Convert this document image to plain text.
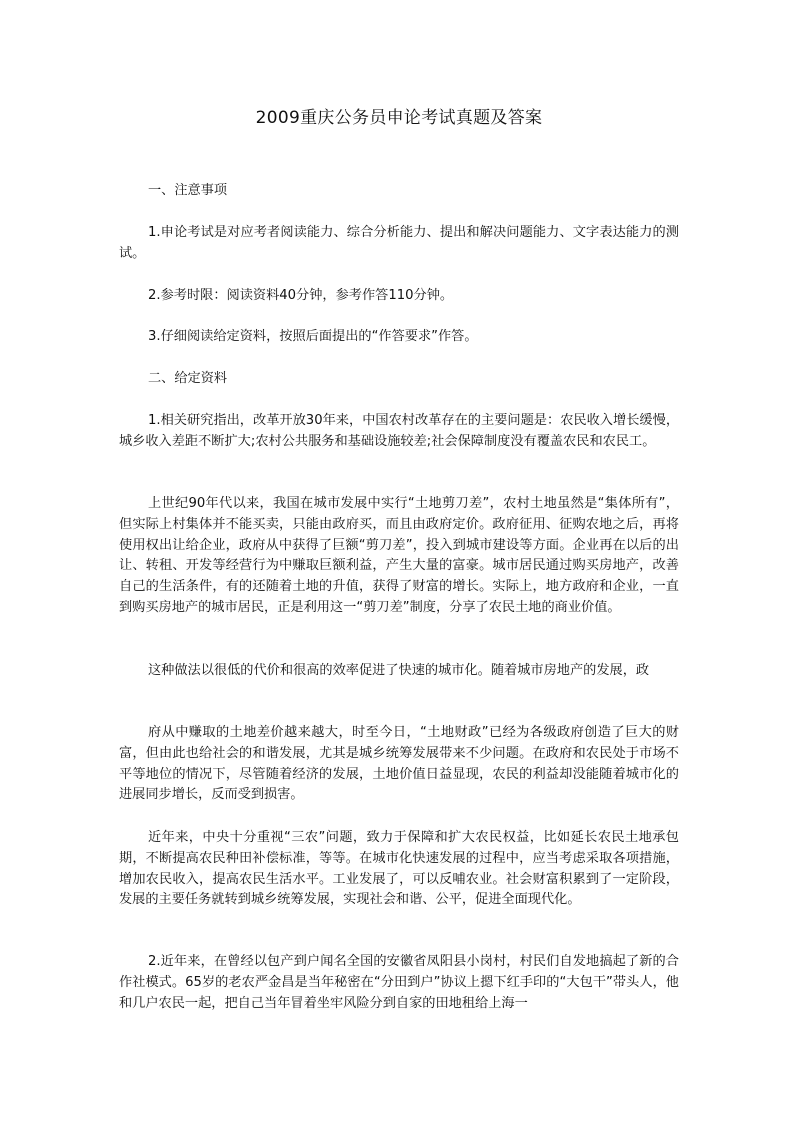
2009重庆公务员申论考试真题及答案

一、注意事项

1.申论考试是对应考者阅读能力、综合分析能力、提出和解决问题能力、文字表达能力的测试。

2.参考时限：阅读资料40分钟，参考作答110分钟。

3.仔细阅读给定资料，按照后面提出的“作答要求”作答。

二、给定资料

1.相关研究指出，改革开放30年来，中国农村改革存在的主要问题是：农民收入增长缓慢，城乡收入差距不断扩大;农村公共服务和基础设施较差;社会保障制度没有覆盖农民和农民工。

上世纪90年代以来，我国在城市发展中实行“土地剪刀差”，农村土地虽然是“集体所有”，但实际上村集体并不能买卖，只能由政府买，而且由政府定价。政府征用、征购农地之后，再将使用权出让给企业，政府从中获得了巨额“剪刀差”，投入到城市建设等方面。企业再在以后的出让、转租、开发等经营行为中赚取巨额利益，产生大量的富豪。城市居民通过购买房地产，改善自己的生活条件，有的还随着土地的升值，获得了财富的增长。实际上，地方政府和企业，一直到购买房地产的城市居民，正是利用这一“剪刀差”制度，分享了农民土地的商业价值。

这种做法以很低的代价和很高的效率促进了快速的城市化。随着城市房地产的发展，政

府从中赚取的土地差价越来越大，时至今日，“土地财政”已经为各级政府创造了巨大的财富，但由此也给社会的和谐发展，尤其是城乡统筹发展带来不少问题。在政府和农民处于市场不平等地位的情况下，尽管随着经济的发展，土地价值日益显现，农民的利益却没能随着城市化的进展同步增长，反而受到损害。

近年来，中央十分重视“三农”问题，致力于保障和扩大农民权益，比如延长农民土地承包期，不断提高农民种田补偿标准，等等。在城市化快速发展的过程中，应当考虑采取各项措施，增加农民收入，提高农民生活水平。工业发展了，可以反哺农业。社会财富积累到了一定阶段，发展的主要任务就转到城乡统筹发展，实现社会和谐、公平，促进全面现代化。

2.近年来，在曾经以包产到户闻名全国的安徽省凤阳县小岗村，村民们自发地搞起了新的合作社模式。65岁的老农严金昌是当年秘密在“分田到户”协议上摁下红手印的“大包干”带头人，他和几户农民一起，把自己当年冒着坐牢风险分到自家的田地租给上海一
